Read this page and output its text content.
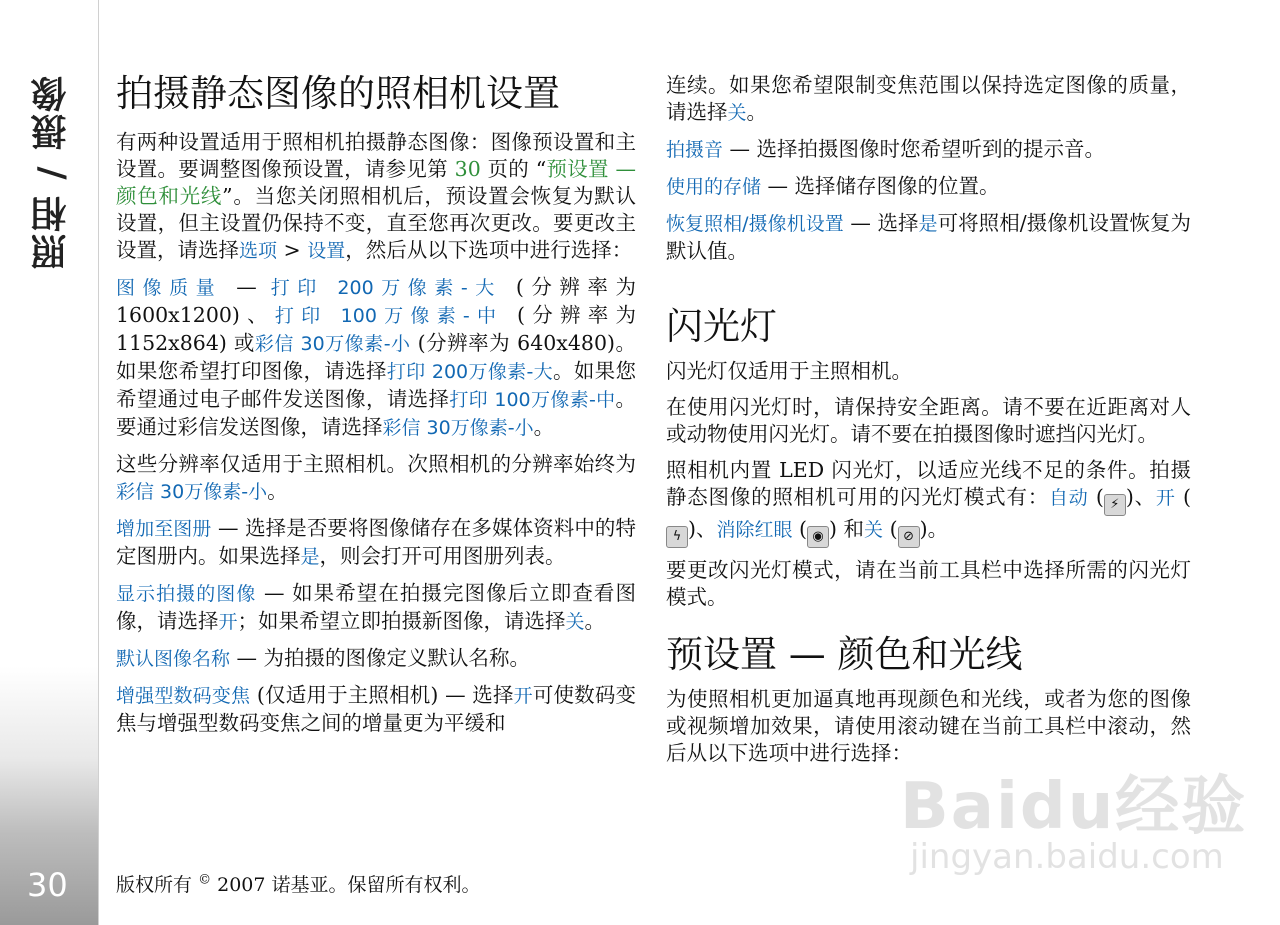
照相 / 摄像
30
拍摄静态图像的照相机设置

有两种设置适用于照相机拍摄静态图像：图像预设置和主设置。要调整图像预设置，请参见第 30 页的 “预设置 — 颜色和光线”。当您关闭照相机后，预设置会恢复为默认设置，但主设置仍保持不变，直至您再次更改。要更改主设置，请选择选项 > 设置，然后从以下选项中进行选择：

图像质量 — 打印 200万像素-大 (分辨率为 1600x1200)、打印 100万像素-中 (分辨率为 1152x864) 或彩信 30万像素-小 (分辨率为 640x480)。如果您希望打印图像，请选择打印 200万像素-大。如果您希望通过电子邮件发送图像，请选择打印 100万像素-中。要通过彩信发送图像，请选择彩信 30万像素-小。

这些分辨率仅适用于主照相机。次照相机的分辨率始终为彩信 30万像素-小。

增加至图册 — 选择是否要将图像储存在多媒体资料中的特定图册内。如果选择是，则会打开可用图册列表。

显示拍摄的图像 — 如果希望在拍摄完图像后立即查看图像，请选择开；如果希望立即拍摄新图像，请选择关。

默认图像名称 — 为拍摄的图像定义默认名称。

增强型数码变焦 (仅适用于主照相机) — 选择开可使数码变焦与增强型数码变焦之间的增量更为平缓和

连续。如果您希望限制变焦范围以保持选定图像的质量，请选择关。

拍摄音 — 选择拍摄图像时您希望听到的提示音。

使用的存储 — 选择储存图像的位置。

恢复照相/摄像机设置 — 选择是可将照相/摄像机设置恢复为默认值。

闪光灯

闪光灯仅适用于主照相机。

在使用闪光灯时，请保持安全距离。请不要在近距离对人或动物使用闪光灯。请不要在拍摄图像时遮挡闪光灯。

照相机内置 LED 闪光灯，以适应光线不足的条件。拍摄静态图像的照相机可用的闪光灯模式有：自动 ( ⚡ )、开 (ϟ )、消除红眼 ( ◉ ) 和关 ( ⊘ )。

要更改闪光灯模式，请在当前工具栏中选择所需的闪光灯模式。

预设置 — 颜色和光线

为使照相机更加逼真地再现颜色和光线，或者为您的图像或视频增加效果，请使用滚动键在当前工具栏中滚动，然后从以下选项中进行选择：

版权所有 © 2007 诺基亚。保留所有权利。
Baidu经验
jingyan.baidu.com
